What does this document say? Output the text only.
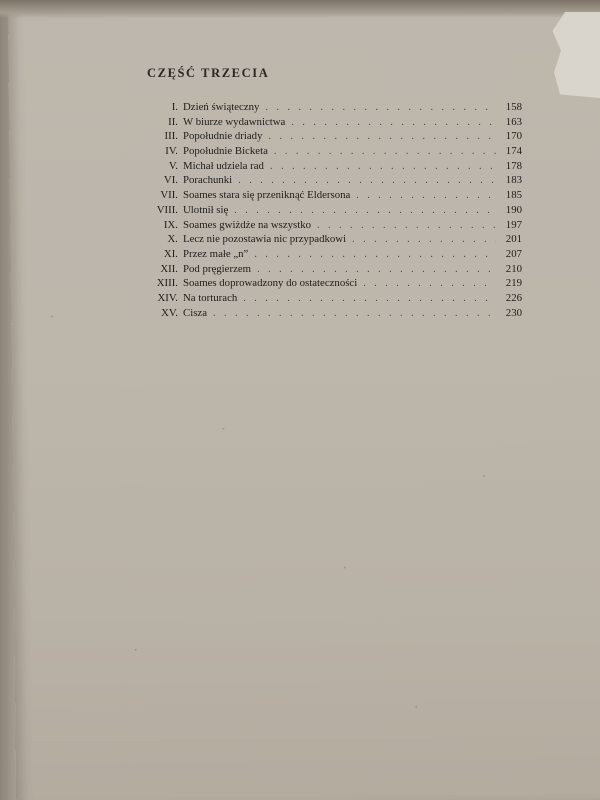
CZĘŚĆ TRZECIA
I. Dzień świąteczny . . .	158
II. W biurze wydawnictwa . . .	163
III. Popołudnie driady . . .	170
IV. Popołudnie Bicketa . . .	174
V. Michał udziela rad . . .	178
VI. Porachunki . . .	183
VII. Soames stara się przeniknąć Eldersona . . .	185
VIII. Ulotnił się . . .	190
IX. Soames gwiżdże na wszystko . . .	197
X. Lecz nie pozostawia nic przypadkowi . . .	201
XI. Przez małe „n” . . .	207
XII. Pod pręgierzem . . .	210
XIII. Soames doprowadzony do ostateczności . . .	219
XIV. Na torturach . . .	226
XV. Cisza . . .	230
